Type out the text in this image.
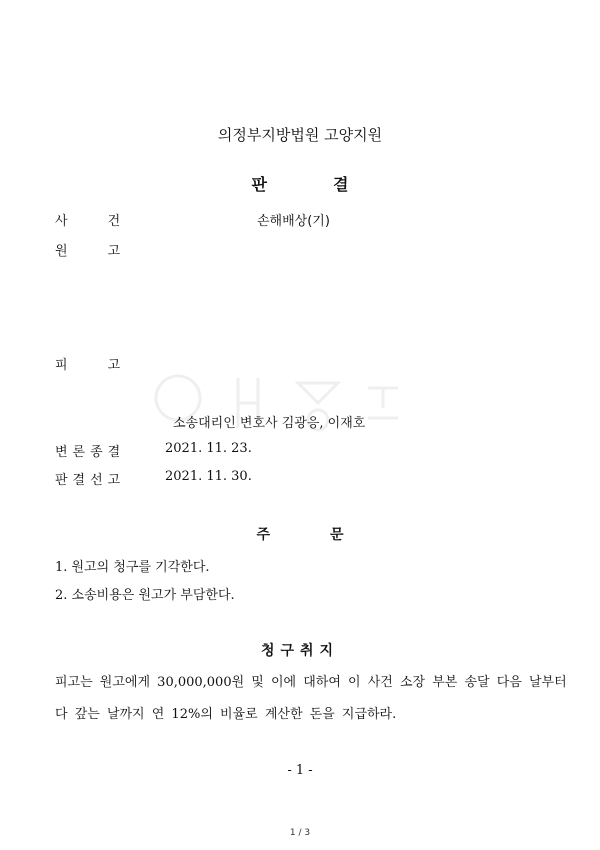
의정부지방법원 고양지원
판	결
사	건	손해배상(기)
원	고
피	고
소송대리인 변호사 김광응, 이재호
변론종결	2021. 11. 23.
판결선고	2021. 11. 30.
주	문
1. 원고의 청구를 기각한다.
2. 소송비용은 원고가 부담한다.
청구취지
피고는 원고에게 30,000,000원 및 이에 대하여 이 사건 소장 부본 송달 다음 날부터
다 갚는 날까지 연 12%의 비율로 계산한 돈을 지급하라.
- 1 -
1 / 3
